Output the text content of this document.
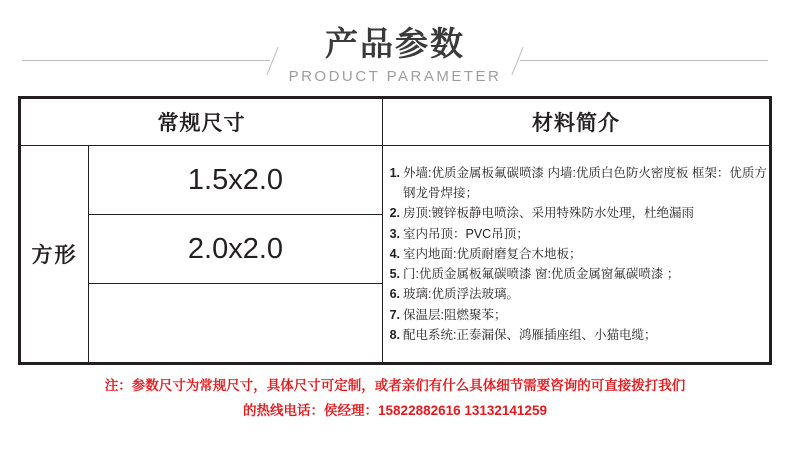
产品参数
PRODUCT PARAMETER
常规尺寸		材料简介
方形	1.5x2.0	1. 外墙:优质金属板氟碳喷漆 内墙:优质白色防火密度板 框架：优质方钢龙骨焊接；
2. 房顶:镀锌板静电喷涂、采用特殊防水处理，杜绝漏雨
3. 室内吊顶：PVC吊顶；
4. 室内地面:优质耐磨复合木地板；
5. 门:优质金属板氟碳喷漆 窗:优质金属窗氟碳喷漆 ；
6. 玻璃:优质浮法玻璃。
7. 保温层:阻燃聚苯；
8. 配电系统:正泰漏保、鸿雁插座组、小猫电缆；

	2.0x2.0	

注：参数尺寸为常规尺寸，具体尺寸可定制，或者亲们有什么具体细节需要咨询的可直接拨打我们
的热线电话：侯经理：15822882616 13132141259
